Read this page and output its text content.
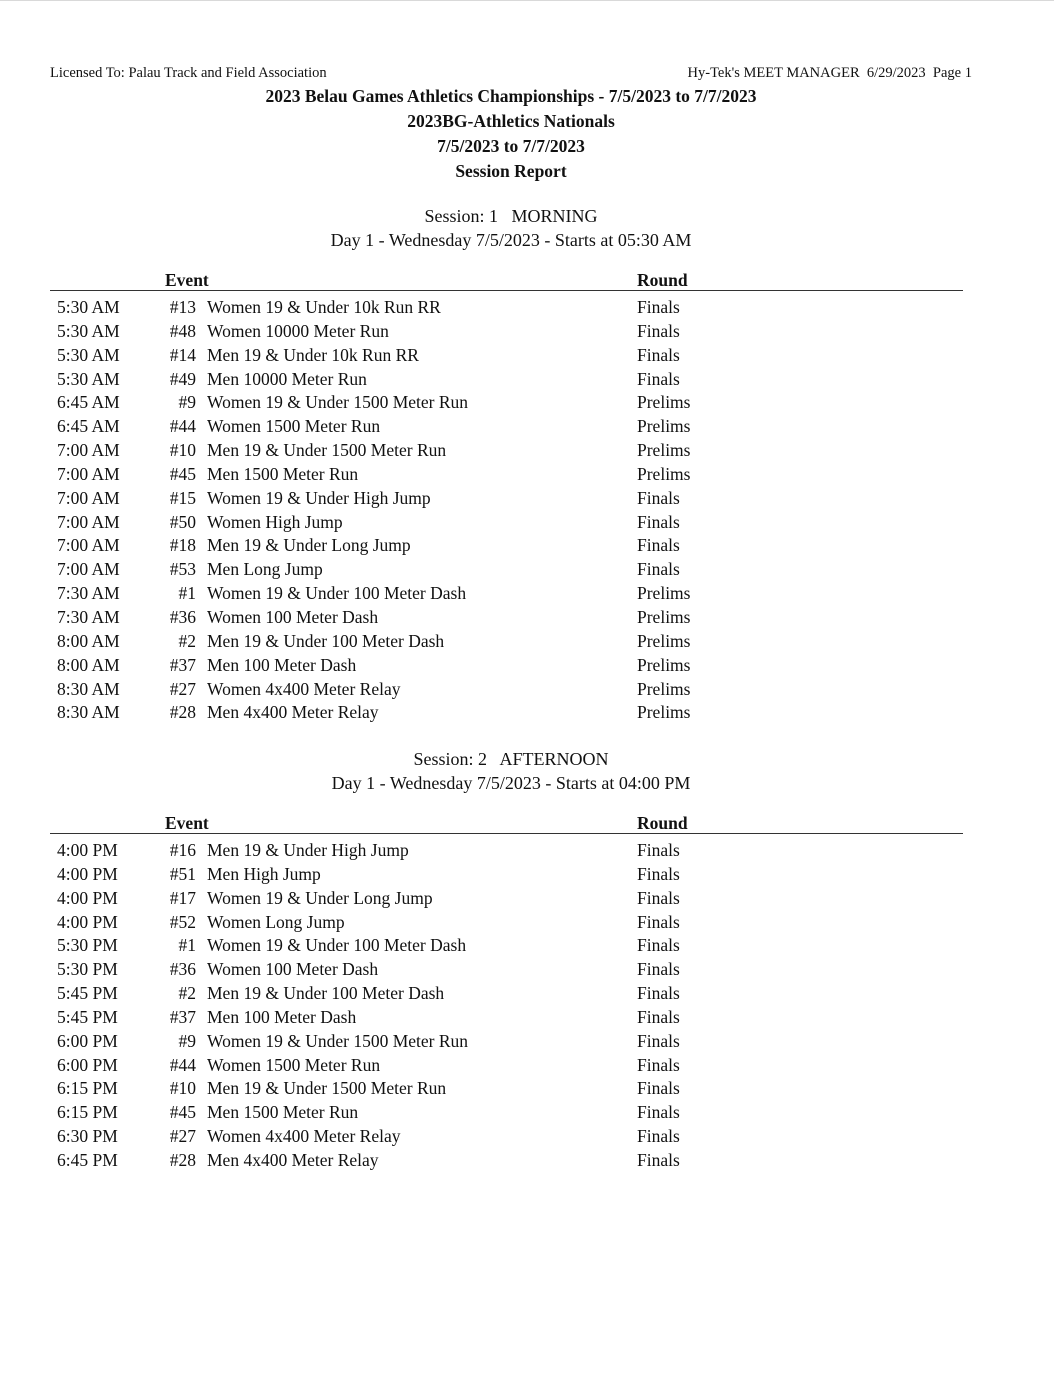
Licensed To: Palau Track and Field Association	Hy-Tek's MEET MANAGER  6/29/2023  Page 1
2023 Belau Games Athletics Championships - 7/5/2023 to 7/7/2023
2023BG-Athletics Nationals
7/5/2023 to 7/7/2023
Session Report
Session: 1   MORNING
Day 1 - Wednesday 7/5/2023 - Starts at 05:30 AM
Event	Round
5:30 AM	#13 Women 19 & Under 10k Run RR	Finals
5:30 AM	#48 Women 10000 Meter Run	Finals
5:30 AM	#14 Men 19 & Under 10k Run RR	Finals
5:30 AM	#49 Men 10000 Meter Run	Finals
6:45 AM	#9 Women 19 & Under 1500 Meter Run	Prelims
6:45 AM	#44 Women 1500 Meter Run	Prelims
7:00 AM	#10 Men 19 & Under 1500 Meter Run	Prelims
7:00 AM	#45 Men 1500 Meter Run	Prelims
7:00 AM	#15 Women 19 & Under High Jump	Finals
7:00 AM	#50 Women High Jump	Finals
7:00 AM	#18 Men 19 & Under Long Jump	Finals
7:00 AM	#53 Men Long Jump	Finals
7:30 AM	#1 Women 19 & Under 100 Meter Dash	Prelims
7:30 AM	#36 Women 100 Meter Dash	Prelims
8:00 AM	#2 Men 19 & Under 100 Meter Dash	Prelims
8:00 AM	#37 Men 100 Meter Dash	Prelims
8:30 AM	#27 Women 4x400 Meter Relay	Prelims
8:30 AM	#28 Men 4x400 Meter Relay	Prelims
Session: 2   AFTERNOON
Day 1 - Wednesday 7/5/2023 - Starts at 04:00 PM
Event	Round
4:00 PM	#16 Men 19 & Under High Jump	Finals
4:00 PM	#51 Men High Jump	Finals
4:00 PM	#17 Women 19 & Under Long Jump	Finals
4:00 PM	#52 Women Long Jump	Finals
5:30 PM	#1 Women 19 & Under 100 Meter Dash	Finals
5:30 PM	#36 Women 100 Meter Dash	Finals
5:45 PM	#2 Men 19 & Under 100 Meter Dash	Finals
5:45 PM	#37 Men 100 Meter Dash	Finals
6:00 PM	#9 Women 19 & Under 1500 Meter Run	Finals
6:00 PM	#44 Women 1500 Meter Run	Finals
6:15 PM	#10 Men 19 & Under 1500 Meter Run	Finals
6:15 PM	#45 Men 1500 Meter Run	Finals
6:30 PM	#27 Women 4x400 Meter Relay	Finals
6:45 PM	#28 Men 4x400 Meter Relay	Finals
